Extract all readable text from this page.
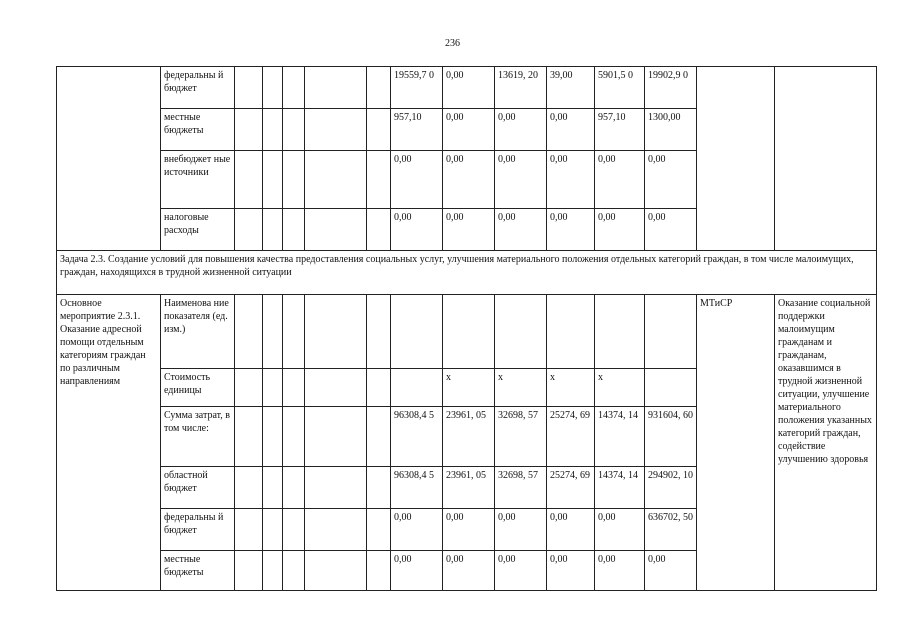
236
	федеральны й бюджет						19559,7 0	0,00	13619, 20	39,00	5901,5 0	19902,9 0		
	местные бюджеты						957,10	0,00	0,00	0,00	957,10	1300,00		
	внебюджет ные источники						0,00	0,00	0,00	0,00	0,00	0,00		
	налоговые расходы						0,00	0,00	0,00	0,00	0,00	0,00		
Задача 2.3. Создание условий для повышения качества предоставления социальных услуг, улучшения материального положения отдельных категорий граждан, в том числе малоимущих, граждан, находящихся в трудной жизненной ситуации														
Основное мероприятие 2.3.1. Оказание адресной помощи отдельным категориям граждан по различным направлениям	Наименова ние показателя (ед. изм.)												МТиСР	Оказание социальной поддержки малоимущим гражданам и гражданам, оказавшимся в трудной жизненной ситуации, улучшение материального положения указанных категорий граждан, содействие улучшению здоровья
	Стоимость единицы							х	х	х	х			
	Сумма затрат, в том числе:						96308,4 5	23961, 05	32698, 57	25274, 69	14374, 14	931604, 60		
	областной бюджет						96308,4 5	23961, 05	32698, 57	25274, 69	14374, 14	294902, 10		
	федеральны й бюджет						0,00	0,00	0,00	0,00	0,00	636702, 50		
	местные бюджеты						0,00	0,00	0,00	0,00	0,00	0,00		
